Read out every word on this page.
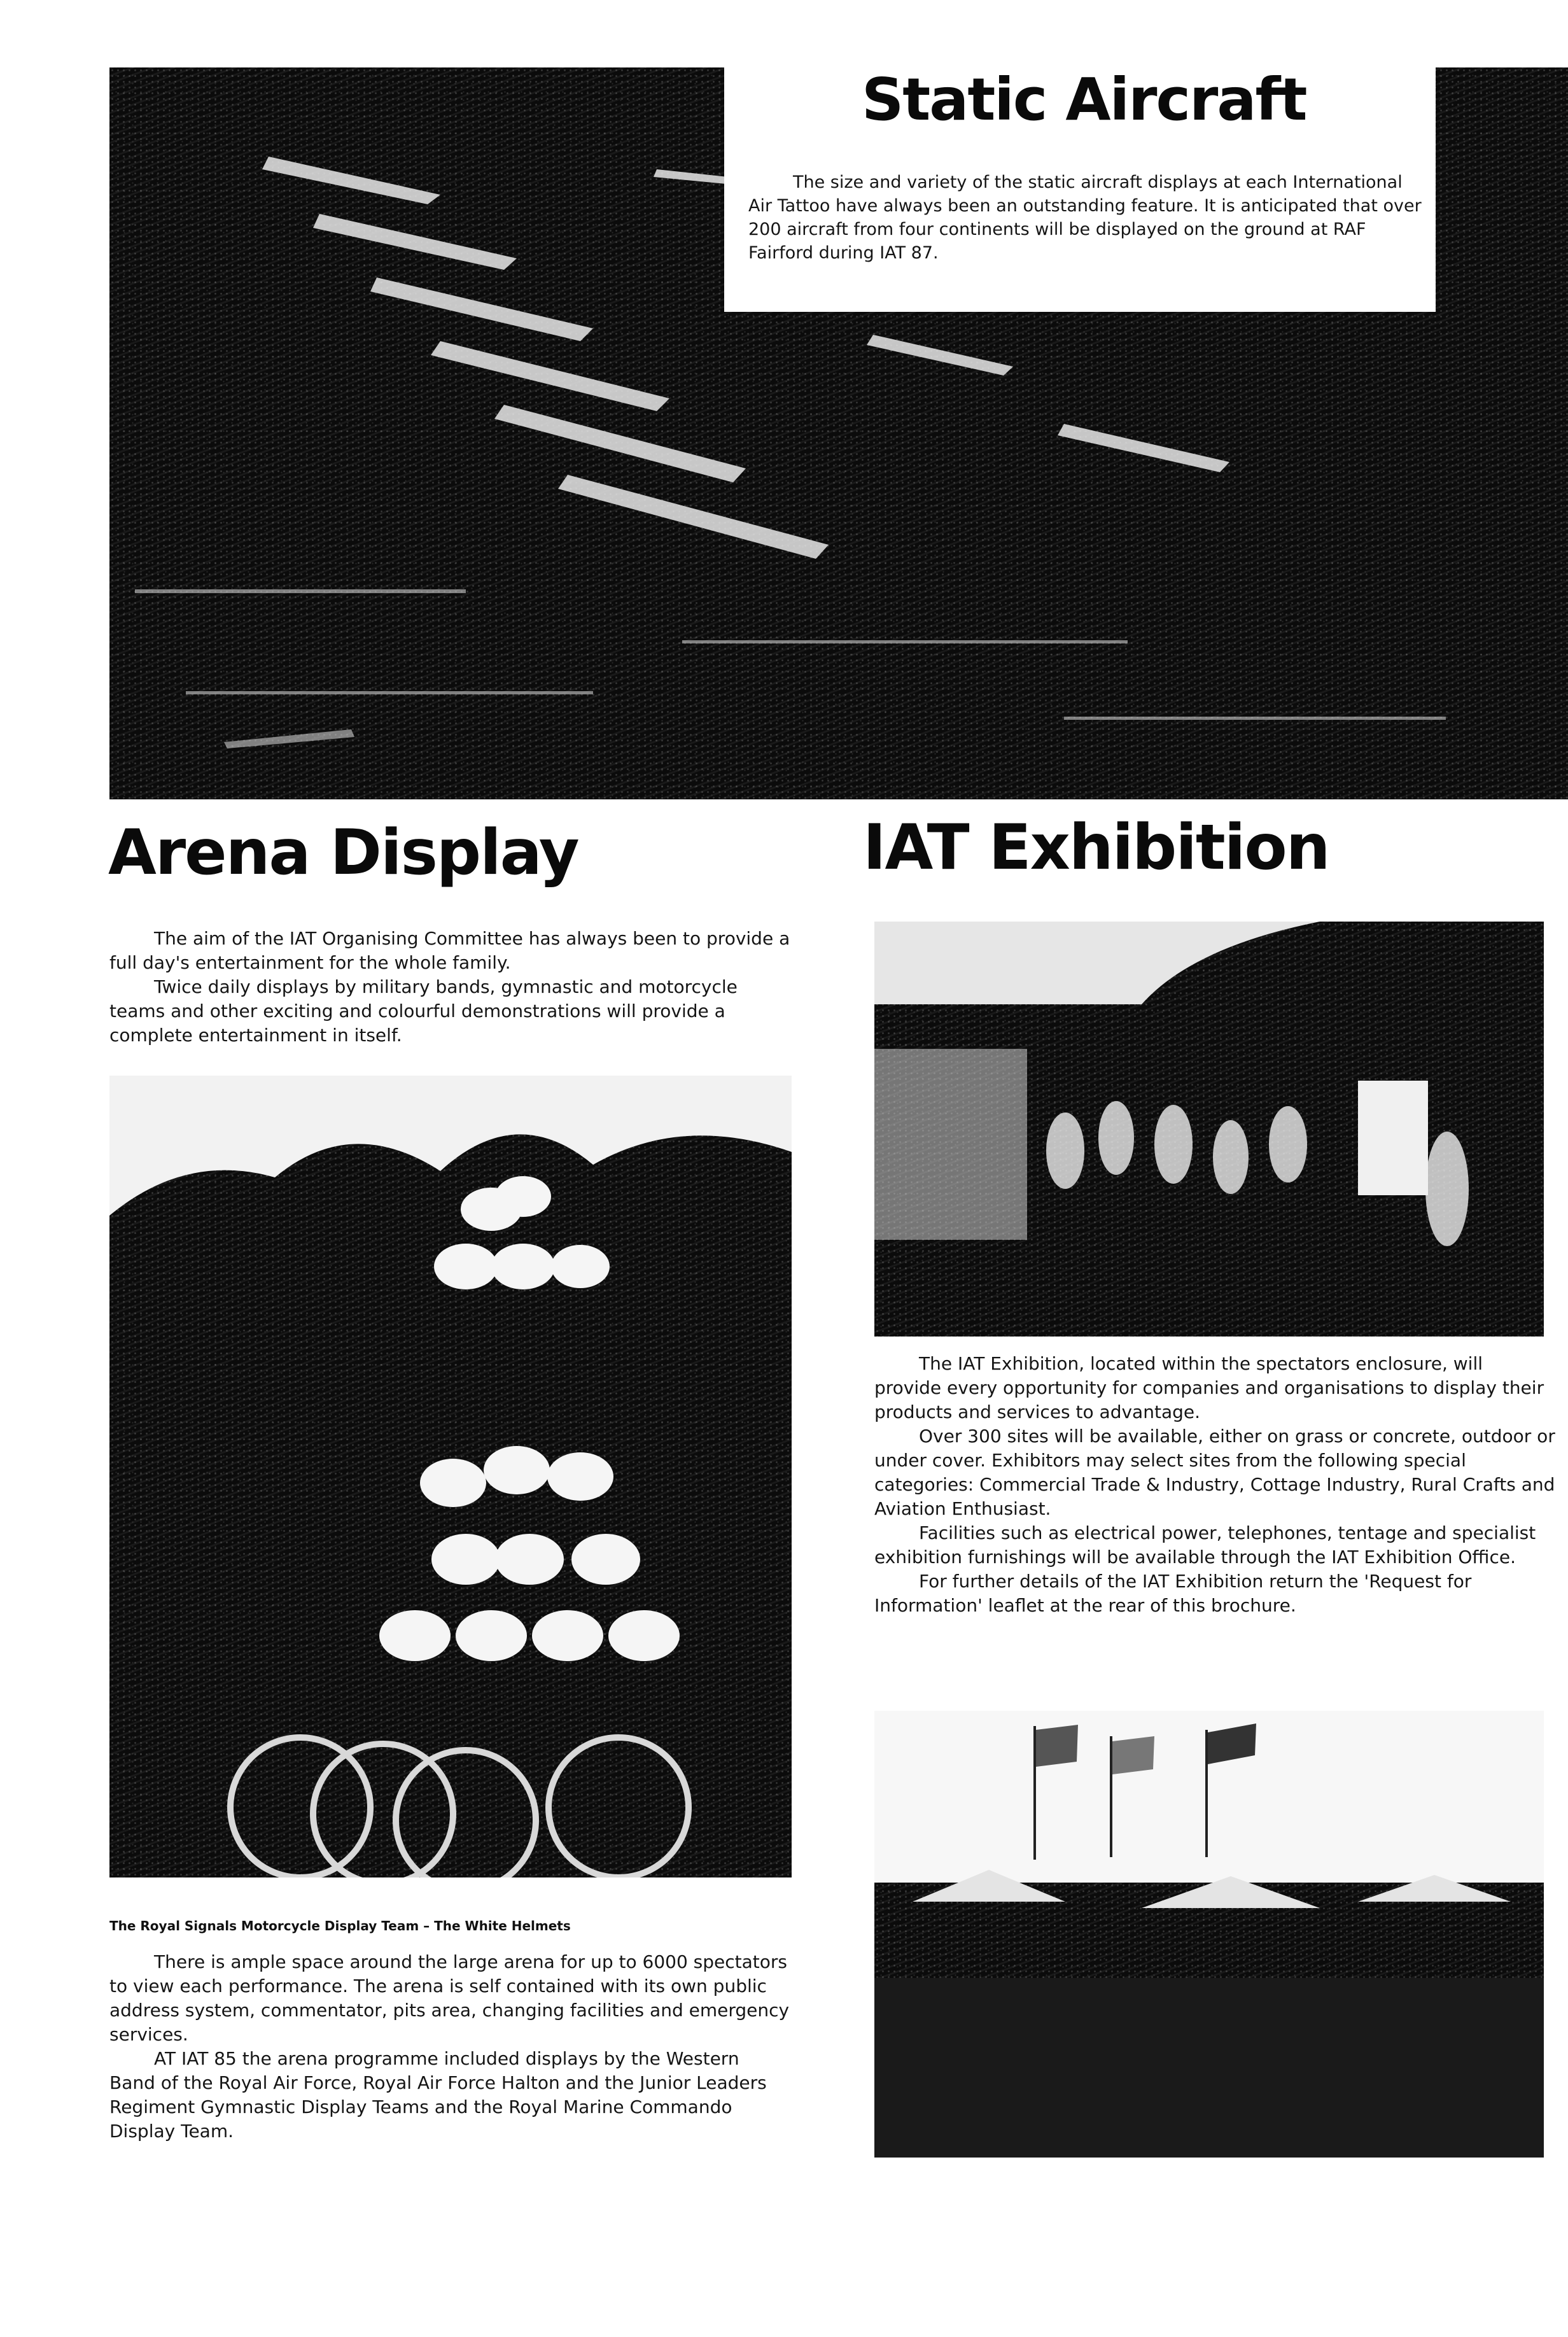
Static Aircraft

The size and variety of the static aircraft displays at each International Air Tattoo have always been an outstanding feature. It is anticipated that over 200 aircraft from four continents will be displayed on the ground at RAF Fairford during IAT 87.

Arena Display

The aim of the IAT Organising Committee has always been to provide a full day's entertainment for the whole family.

Twice daily displays by military bands, gymnastic and motorcycle teams and other exciting and colourful demonstrations will provide a complete entertainment in itself.

The Royal Signals Motorcycle Display Team – The White Helmets

There is ample space around the large arena for up to 6000 spectators to view each performance. The arena is self contained with its own public address system, commentator, pits area, changing facilities and emergency services.

AT IAT 85 the arena programme included displays by the Western Band of the Royal Air Force, Royal Air Force Halton and the Junior Leaders Regiment Gymnastic Display Teams and the Royal Marine Commando Display Team.

IAT Exhibition

The IAT Exhibition, located within the spectators enclosure, will provide every opportunity for companies and organisations to display their products and services to advantage.

Over 300 sites will be available, either on grass or concrete, outdoor or under cover. Exhibitors may select sites from the following special categories: Commercial Trade & Industry, Cottage Industry, Rural Crafts and Aviation Enthusiast.

Facilities such as electrical power, telephones, tentage and specialist exhibition furnishings will be available through the IAT Exhibition Office.

For further details of the IAT Exhibition return the 'Request for Information' leaflet at the rear of this brochure.
